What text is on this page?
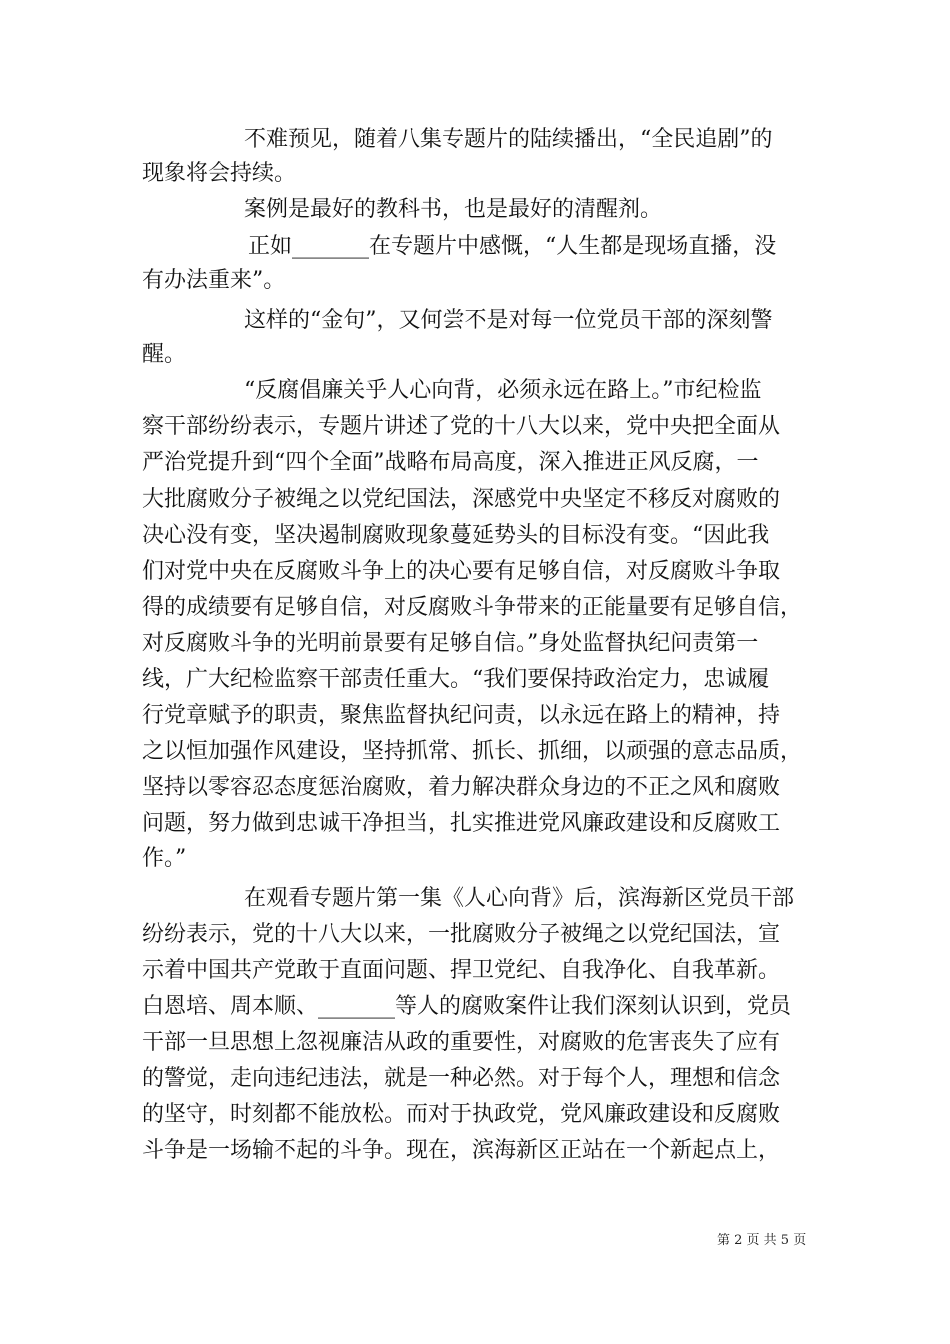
不难预见，随着八集专题片的陆续播出，“全民追剧”的
现象将会持续。
案例是最好的教科书，也是最好的清醒剂。
正如_______在专题片中感慨，“人生都是现场直播，没
有办法重来”。
这样的“金句”，又何尝不是对每一位党员干部的深刻警
醒。
“反腐倡廉关乎人心向背，必须永远在路上。”市纪检监
察干部纷纷表示，专题片讲述了党的十八大以来，党中央把全面从
严治党提升到“四个全面”战略布局高度，深入推进正风反腐，一
大批腐败分子被绳之以党纪国法，深感党中央坚定不移反对腐败的
决心没有变，坚决遏制腐败现象蔓延势头的目标没有变。“因此我
们对党中央在反腐败斗争上的决心要有足够自信，对反腐败斗争取
得的成绩要有足够自信，对反腐败斗争带来的正能量要有足够自信，
对反腐败斗争的光明前景要有足够自信。”身处监督执纪问责第一
线，广大纪检监察干部责任重大。“我们要保持政治定力，忠诚履
行党章赋予的职责，聚焦监督执纪问责，以永远在路上的精神，持
之以恒加强作风建设，坚持抓常、抓长、抓细，以顽强的意志品质，
坚持以零容忍态度惩治腐败，着力解决群众身边的不正之风和腐败
问题，努力做到忠诚干净担当，扎实推进党风廉政建设和反腐败工
作。”
在观看专题片第一集《人心向背》后，滨海新区党员干部
纷纷表示，党的十八大以来，一批腐败分子被绳之以党纪国法，宣
示着中国共产党敢于直面问题、捍卫党纪、自我净化、自我革新。
白恩培、周本顺、_______等人的腐败案件让我们深刻认识到，党员
干部一旦思想上忽视廉洁从政的重要性，对腐败的危害丧失了应有
的警觉，走向违纪违法，就是一种必然。对于每个人，理想和信念
的坚守，时刻都不能放松。而对于执政党，党风廉政建设和反腐败
斗争是一场输不起的斗争。现在，滨海新区正站在一个新起点上，
第 2 页 共 5 页
